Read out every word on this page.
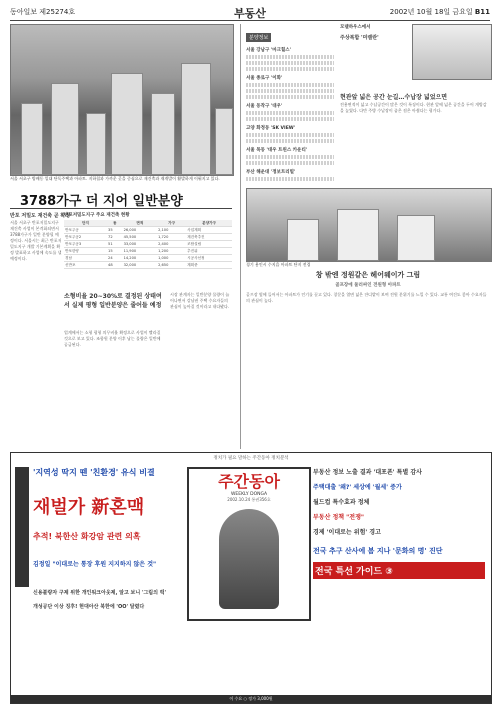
동아일보 제25274호	부동산	2002년 10월 18일 금요일 B11
서울 서초구 방배동 일대 단독주택과 아파트. 지하철과 가까운 곳을 중심으로 재건축과 재개발이 활발하게 이뤄지고 있다.
3788가구 더 지어 일반분양
반포 저밀도 재건축 곧 확정
서울 서초구 반포저밀도지구 재건축 사업이 본격화되면서 3788가구가 일반 분양될 예정이다. 서울시는 최근 반포저밀도지구 개발 기본계획을 확정 발표하고 사업에 속도를 낼 예정이다.
반포저밀도지구 주요 재건축 현황
단지	동	면적	가구	분양가구
반포주공	35	26,000	2,100	사업계획
반포주공2	72	45,500	1,720	재건축추진
반포주공3	51	33,000	2,400	조합설립
반포한양	15	11,900	1,200	추진위
경남	24	14,200	1,000	시공사선정
신반포	48	32,000	2,650	계획중
소형비율 20∼30%로 결정된 상태여서 실제 평형 일반분양은 줄어들 예정
시장 관계자는 일반분양 물량이 늘어나면서 강남권 주택 수요자들의 관심이 높아질 것이라고 내다봤다.
업계에서는 소형 평형 의무비율 확정으로 사업이 빨라질 것으로 보고 있다. 조합원 분양 이후 남는 물량은 일반에 공급된다.
분양정보
서울 강남구 '마크힐스'
서울 종로구 '이화'
서울 동작구 '대우'
고양 화정동 'SK VIEW'
서울 목동 '대우 트윈스 카운티'
부산 해운대 '정보트리빌'
모델하우스에서
주상복합 '미켈란'
현관앞 넓은 공간 눈길…수납장 넓었으면
전용면적이 넓고 수납공간이 많은 것이 특징이다. 현관 앞에 넓은 공간을 두어 개방감을 높였다. 다만 주방 수납장이 좁은 점은 아쉽다는 평가다.
경기 용인시 수지읍 아파트 단지 전경
창 밖엔 정원같은 헤어웨이가 그림
골프장에 둘러싸인 전원형 아파트
골프장 옆에 들어서는 아파트가 인기를 끌고 있다. 창문을 열면 넓은 잔디밭이 보여 전원 분위기를 느낄 수 있다. 교통 여건도 좋아 수요자들의 관심이 높다.
정치가 필요 말하는 주간동아 정치분석
'지역성 딱지 뗀 '친환경' 유식 비결
재벌가 新혼맥
추적! 북한산 화강암 관련 의혹
김정일 "이대로는 통장 후원 지지하지 않은 것"
신용불량자 구제 위한 개인워크아웃제, 알고 보니 '그림의 떡'
개성공단 이상 징후! 현대아산 북한에 'OO' 달렸다
주간동아
WEEKLY DONGA
2002.10.24 통권356호
부동산 정보 노출 결과 '대포폰' 특별 감사
주택대출 '왜?' 세상에 '월세' 증가
월드컵 특수효과 정체
부동산 정책 "전쟁"
경제 '이대로는 위험' 경고
전국 추구 산사에 봄 지나 '문화의 명' 진단
전국 특선 가이드 ③
이 수요 ○ 정가 3,000원
